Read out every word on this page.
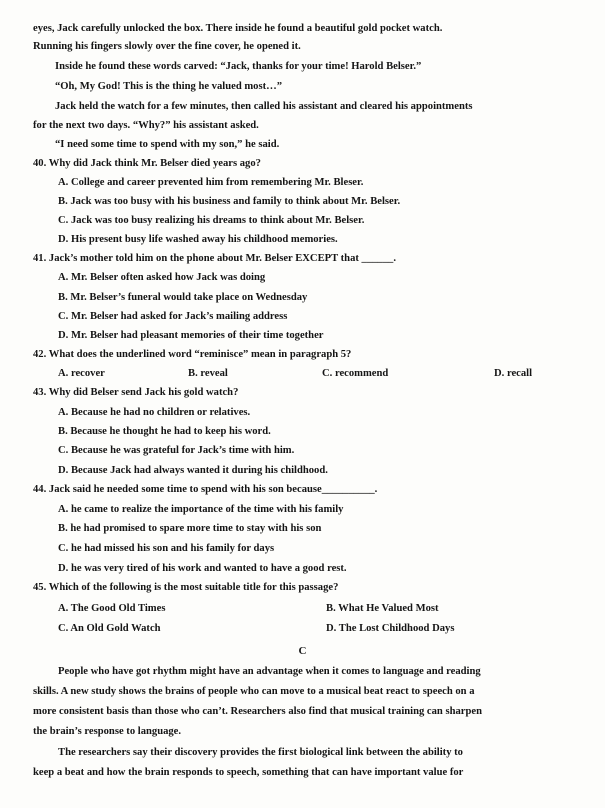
eyes, Jack carefully unlocked the box. There inside he found a beautiful gold pocket watch.
Running his fingers slowly over the fine cover, he opened it.
Inside he found these words carved: “Jack, thanks for your time! Harold Belser.”
“Oh, My God! This is the thing he valued most…”
Jack held the watch for a few minutes, then called his assistant and cleared his appointments
for the next two days. “Why?” his assistant asked.
“I need some time to spend with my son,” he said.
40. Why did Jack think Mr. Belser died years ago?
A. College and career prevented him from remembering Mr. Bleser.
B. Jack was too busy with his business and family to think about Mr. Belser.
C. Jack was too busy realizing his dreams to think about Mr. Belser.
D. His present busy life washed away his childhood memories.
41. Jack’s mother told him on the phone about Mr. Belser EXCEPT that ______.
A. Mr. Belser often asked how Jack was doing
B. Mr. Belser’s funeral would take place on Wednesday
C. Mr. Belser had asked for Jack’s mailing address
D. Mr. Belser had pleasant memories of their time together
42. What does the underlined word “reminisce” mean in paragraph 5?
A. recover	B. reveal	C. recommend	D. recall
43. Why did Belser send Jack his gold watch?
A. Because he had no children or relatives.
B. Because he thought he had to keep his word.
C. Because he was grateful for Jack’s time with him.
D. Because Jack had always wanted it during his childhood.
44. Jack said he needed some time to spend with his son because__________.
A. he came to realize the importance of the time with his family
B. he had promised to spare more time to stay with his son
C. he had missed his son and his family for days
D. he was very tired of his work and wanted to have a good rest.
45. Which of the following is the most suitable title for this passage?
A. The Good Old Times	B. What He Valued Most
C. An Old Gold Watch	D. The Lost Childhood Days
C
People who have got rhythm might have an advantage when it comes to language and reading
skills. A new study shows the brains of people who can move to a musical beat react to speech on a
more consistent basis than those who can’t. Researchers also find that musical training can sharpen
the brain’s response to language.
The researchers say their discovery provides the first biological link between the ability to
keep a beat and how the brain responds to speech, something that can have important value for
